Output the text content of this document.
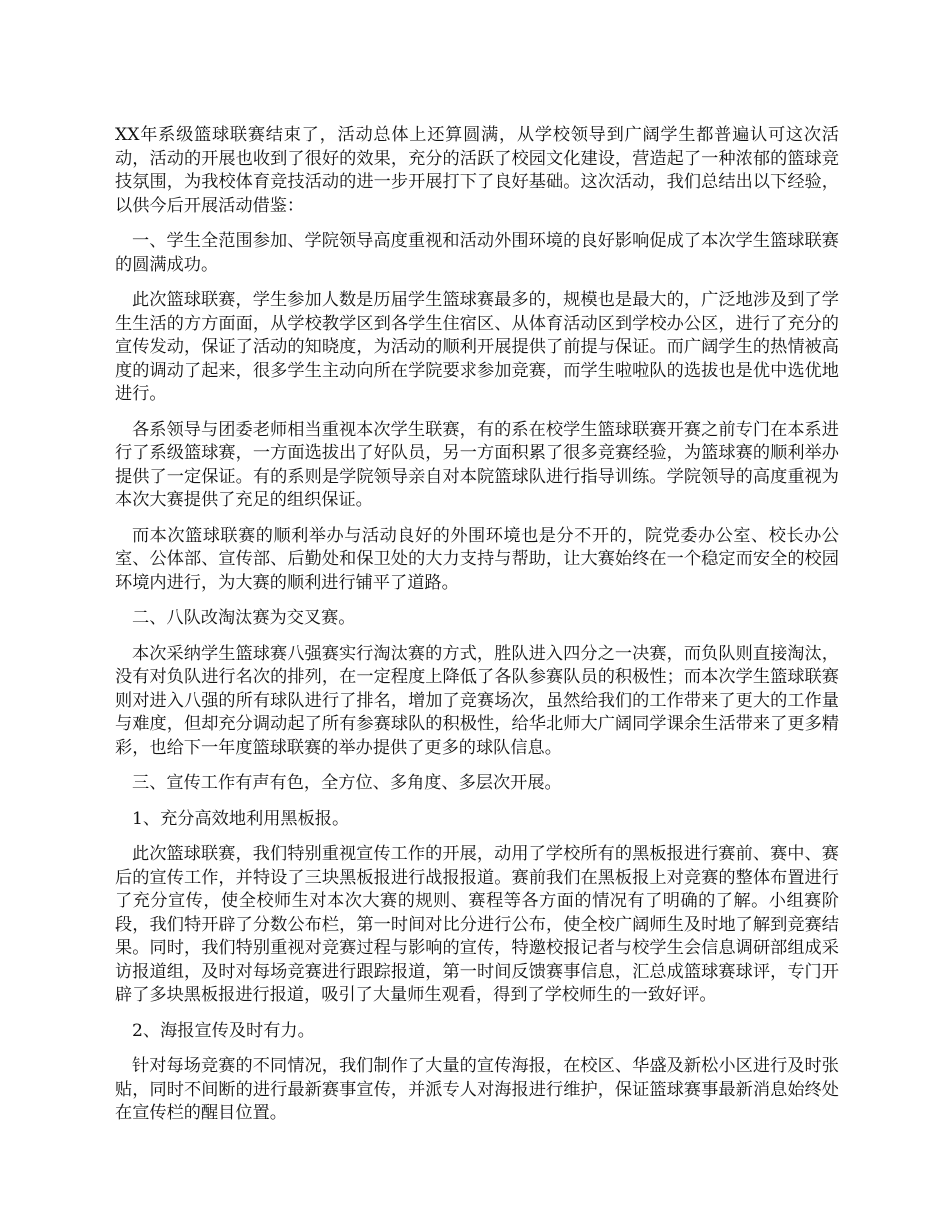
XX年系级篮球联赛结束了，活动总体上还算圆满，从学校领导到广阔学生都普遍认可这次活动，活动的开展也收到了很好的效果，充分的活跃了校园文化建设，营造起了一种浓郁的篮球竞技氛围，为我校体育竞技活动的进一步开展打下了良好基础。这次活动，我们总结出以下经验，以供今后开展活动借鉴：

一、学生全范围参加、学院领导高度重视和活动外围环境的良好影响促成了本次学生篮球联赛的圆满成功。

此次篮球联赛，学生参加人数是历届学生篮球赛最多的，规模也是最大的，广泛地涉及到了学生生活的方方面面，从学校教学区到各学生住宿区、从体育活动区到学校办公区，进行了充分的宣传发动，保证了活动的知晓度，为活动的顺利开展提供了前提与保证。而广阔学生的热情被高度的调动了起来，很多学生主动向所在学院要求参加竞赛，而学生啦啦队的选拔也是优中选优地进行。

各系领导与团委老师相当重视本次学生联赛，有的系在校学生篮球联赛开赛之前专门在本系进行了系级篮球赛，一方面选拔出了好队员，另一方面积累了很多竞赛经验，为篮球赛的顺利举办提供了一定保证。有的系则是学院领导亲自对本院篮球队进行指导训练。学院领导的高度重视为本次大赛提供了充足的组织保证。

而本次篮球联赛的顺利举办与活动良好的外围环境也是分不开的，院党委办公室、校长办公室、公体部、宣传部、后勤处和保卫处的大力支持与帮助，让大赛始终在一个稳定而安全的校园环境内进行，为大赛的顺利进行铺平了道路。

二、八队改淘汰赛为交叉赛。

本次采纳学生篮球赛八强赛实行淘汰赛的方式，胜队进入四分之一决赛，而负队则直接淘汰，没有对负队进行名次的排列，在一定程度上降低了各队参赛队员的积极性；而本次学生篮球联赛则对进入八强的所有球队进行了排名，增加了竞赛场次，虽然给我们的工作带来了更大的工作量与难度，但却充分调动起了所有参赛球队的积极性，给华北师大广阔同学课余生活带来了更多精彩，也给下一年度篮球联赛的举办提供了更多的球队信息。

三、宣传工作有声有色，全方位、多角度、多层次开展。

1、充分高效地利用黑板报。

此次篮球联赛，我们特别重视宣传工作的开展，动用了学校所有的黑板报进行赛前、赛中、赛后的宣传工作，并特设了三块黑板报进行战报报道。赛前我们在黑板报上对竞赛的整体布置进行了充分宣传，使全校师生对本次大赛的规则、赛程等各方面的情况有了明确的了解。小组赛阶段，我们特开辟了分数公布栏，第一时间对比分进行公布，使全校广阔师生及时地了解到竞赛结果。同时，我们特别重视对竞赛过程与影响的宣传，特邀校报记者与校学生会信息调研部组成采访报道组，及时对每场竞赛进行跟踪报道，第一时间反馈赛事信息，汇总成篮球赛球评，专门开辟了多块黑板报进行报道，吸引了大量师生观看，得到了学校师生的一致好评。

2、海报宣传及时有力。

针对每场竞赛的不同情况，我们制作了大量的宣传海报，在校区、华盛及新松小区进行及时张贴，同时不间断的进行最新赛事宣传，并派专人对海报进行维护，保证篮球赛事最新消息始终处在宣传栏的醒目位置。
